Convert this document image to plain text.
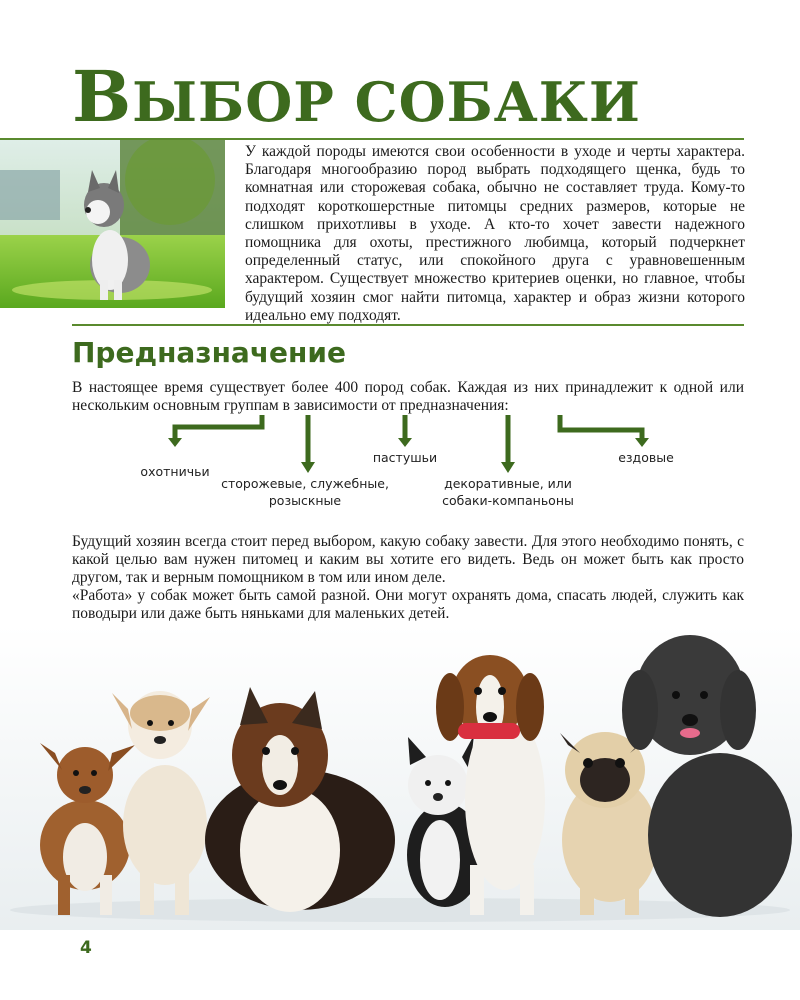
ВЫБОР СОБАКИ

У каждой породы имеются свои особенности в уходе и черты характера. Благодаря многообразию пород выбрать подходящего щенка, будь то комнатная или сторожевая собака, обычно не составляет труда. Кому-то подходят короткошерстные питомцы средних размеров, которые не слишком прихотливы в уходе. А кто-то хочет завести надежного помощника для охоты, престижного любимца, который подчеркнет определенный статус, или спокойного друга с уравновешенным характером. Существует множество критериев оценки, но главное, чтобы будущий хозяин смог найти питомца, характер и образ жизни которого идеально ему подходят.

Предназначение

В настоящее время существует более 400 пород собак. Каждая из них принадлежит к одной или нескольким основным группам в зависимости от предназначения:

охотничьи

сторожевые, служебные, розыскные

пастушьи

декоративные, или собаки-компаньоны

ездовые

Будущий хозяин всегда стоит перед выбором, какую собаку завести. Для этого необходимо понять, с какой целью вам нужен питомец и каким вы хотите его видеть. Ведь он может быть как просто другом, так и верным помощником в том или ином деле.

«Работа» у собак может быть самой разной. Они могут охранять дома, спасать людей, служить как поводыри или даже быть няньками для маленьких детей.

4
